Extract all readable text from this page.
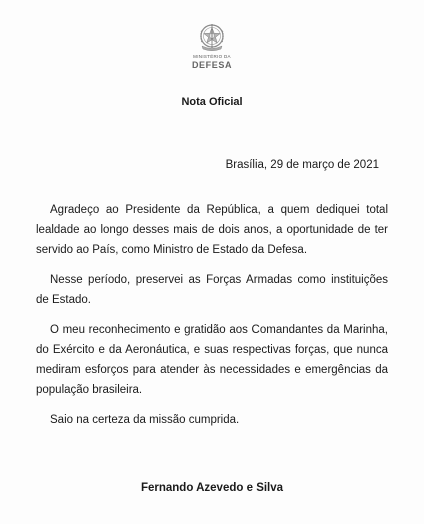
MINISTÉRIO DA
DEFESA
Nota Oficial
Brasília, 29 de março de 2021

Agradeço ao Presidente da República, a quem dediquei total lealdade ao longo desses mais de dois anos, a oportunidade de ter servido ao País, como Ministro de Estado da Defesa.

Nesse período, preservei as Forças Armadas como instituições de Estado.

O meu reconhecimento e gratidão aos Comandantes da Marinha, do Exército e da Aeronáutica, e suas respectivas forças, que nunca mediram esforços para atender às necessidades e emergências da população brasileira.

Saio na certeza da missão cumprida.

Fernando Azevedo e Silva
